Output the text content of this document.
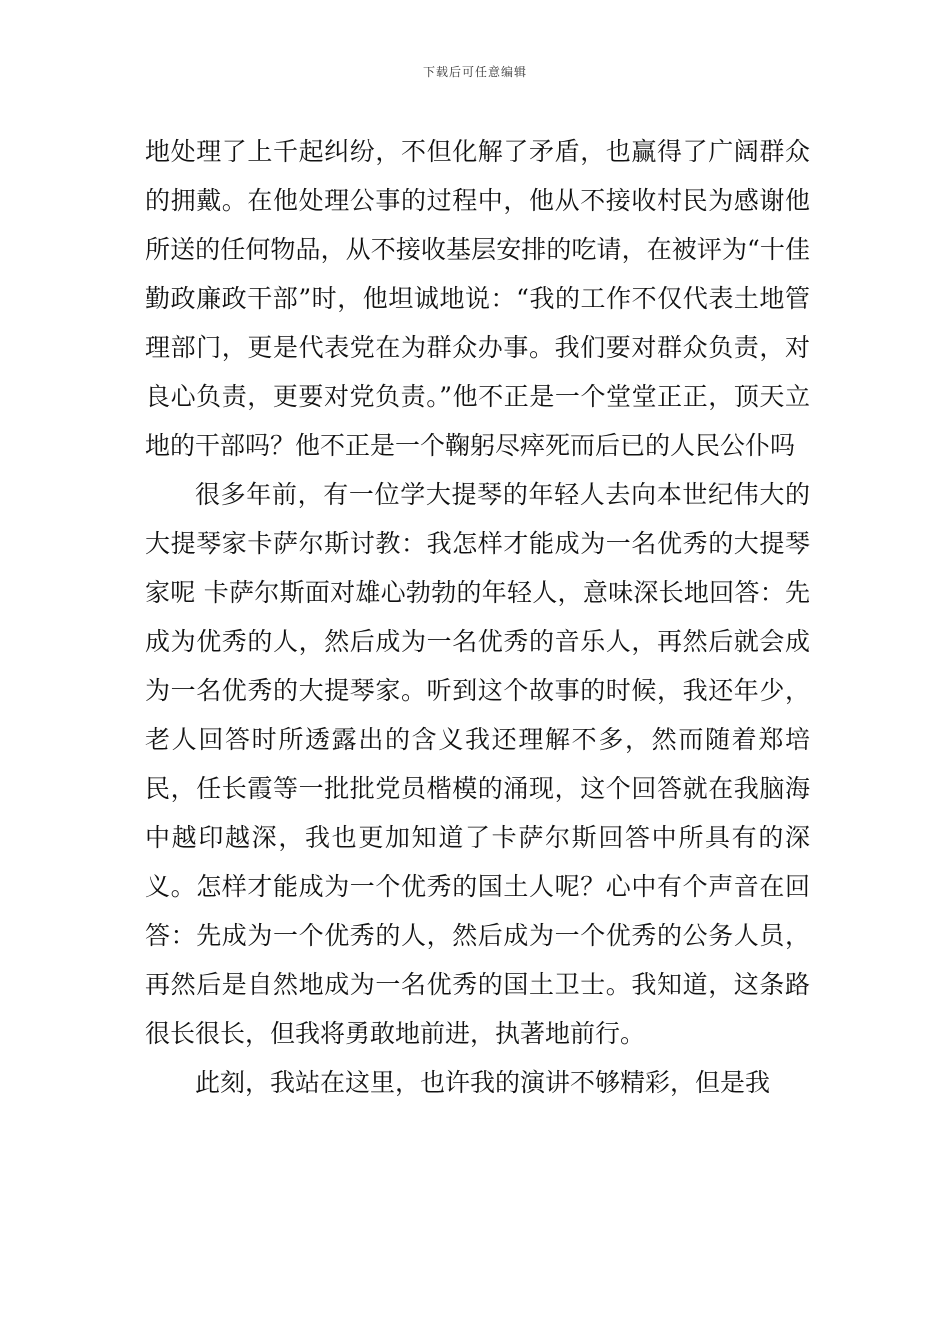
下载后可任意编辑

地处理了上千起纠纷，不但化解了矛盾，也赢得了广阔群众的拥戴。在他处理公事的过程中，他从不接收村民为感谢他所送的任何物品，从不接收基层安排的吃请，在被评为“十佳勤政廉政干部”时，他坦诚地说：“我的工作不仅代表土地管理部门，更是代表党在为群众办事。我们要对群众负责，对良心负责，更要对党负责。”他不正是一个堂堂正正，顶天立地的干部吗？他不正是一个鞠躬尽瘁死而后已的人民公仆吗

很多年前，有一位学大提琴的年轻人去向本世纪伟大的大提琴家卡萨尔斯讨教：我怎样才能成为一名优秀的大提琴家呢 卡萨尔斯面对雄心勃勃的年轻人，意味深长地回答：先成为优秀的人，然后成为一名优秀的音乐人，再然后就会成为一名优秀的大提琴家。听到这个故事的时候，我还年少，老人回答时所透露出的含义我还理解不多，然而随着郑培民，任长霞等一批批党员楷模的涌现，这个回答就在我脑海中越印越深，我也更加知道了卡萨尔斯回答中所具有的深义。怎样才能成为一个优秀的国土人呢？心中有个声音在回答：先成为一个优秀的人，然后成为一个优秀的公务人员，再然后是自然地成为一名优秀的国土卫士。我知道，这条路很长很长，但我将勇敢地前进，执著地前行。

此刻，我站在这里，也许我的演讲不够精彩，但是我
